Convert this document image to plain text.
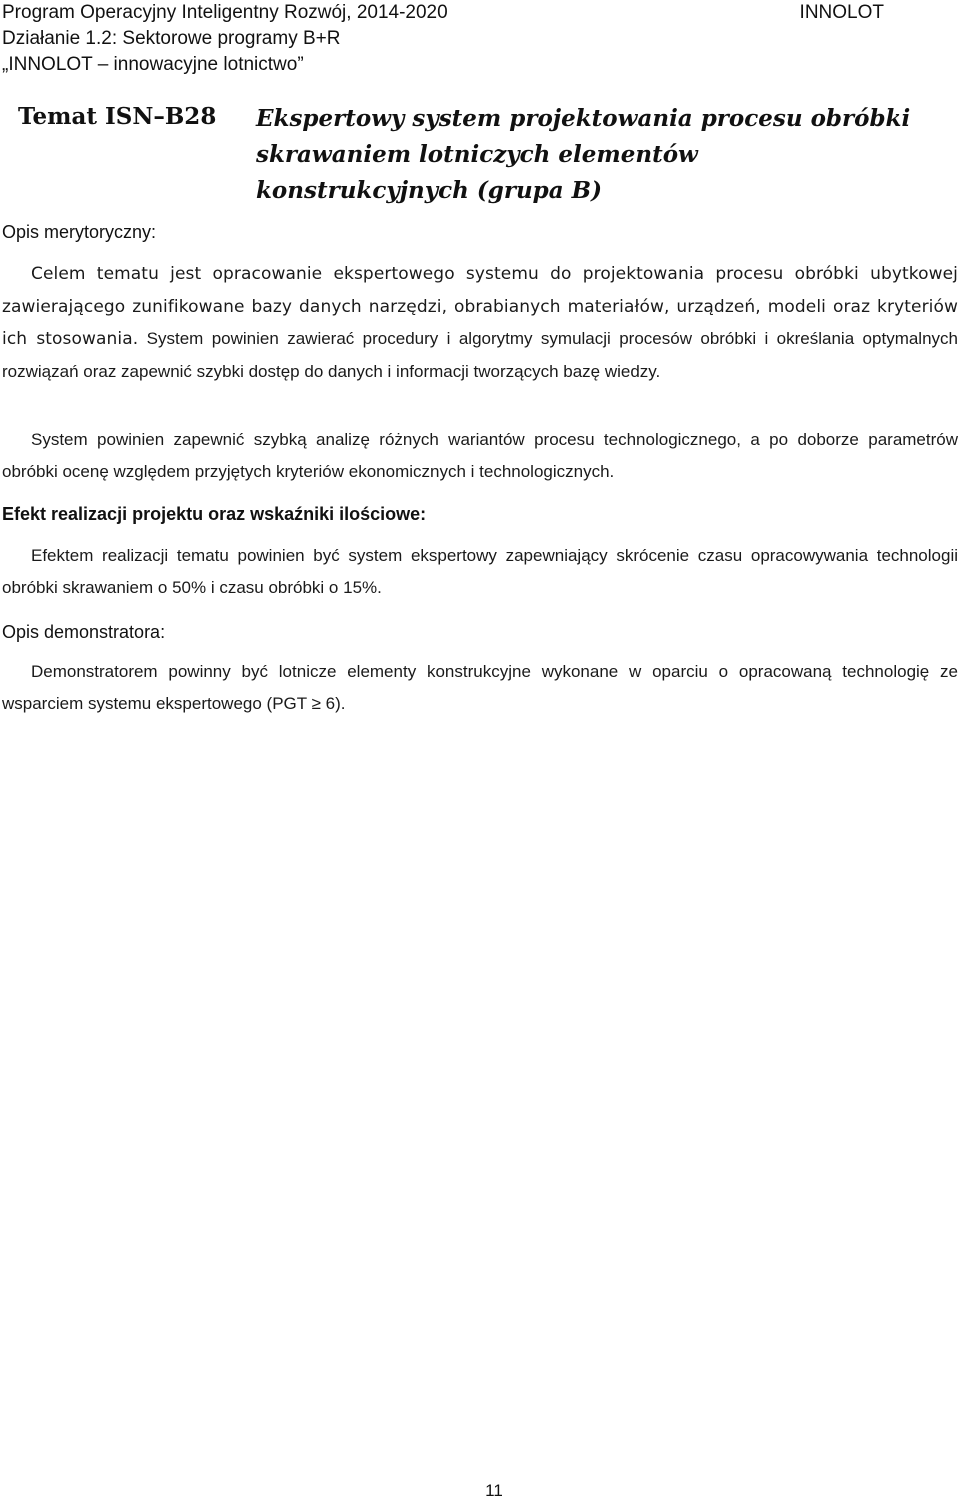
Program Operacyjny Inteligentny Rozwój, 2014-2020
Działanie 1.2: Sektorowe programy B+R
„INNOLOT – innowacyjne lotnictwo”
INNOLOT
Temat ISN–B28 Ekspertowy system projektowania procesu obróbki skrawaniem lotniczych elementów konstrukcyjnych (grupa B)
Opis merytoryczny:

Celem tematu jest opracowanie ekspertowego systemu do projektowania procesu obróbki ubytkowej zawierającego zunifikowane bazy danych narzędzi, obrabianych materiałów, urządzeń, modeli oraz kryteriów ich stosowania. System powinien zawierać procedury i algorytmy symulacji procesów obróbki i określania optymalnych rozwiązań oraz zapewnić szybki dostęp do danych i informacji tworzących bazę wiedzy.

System powinien zapewnić szybką analizę różnych wariantów procesu technologicznego, a po doborze parametrów obróbki ocenę względem przyjętych kryteriów ekonomicznych i technologicznych.

Efekt realizacji projektu oraz wskaźniki ilościowe:

Efektem realizacji tematu powinien być system ekspertowy zapewniający skrócenie czasu opracowywania technologii obróbki skrawaniem o 50% i czasu obróbki o 15%.

Opis demonstratora:

Demonstratorem powinny być lotnicze elementy konstrukcyjne wykonane w oparciu o opracowaną technologię ze wsparciem systemu ekspertowego (PGT ≥ 6).

11
